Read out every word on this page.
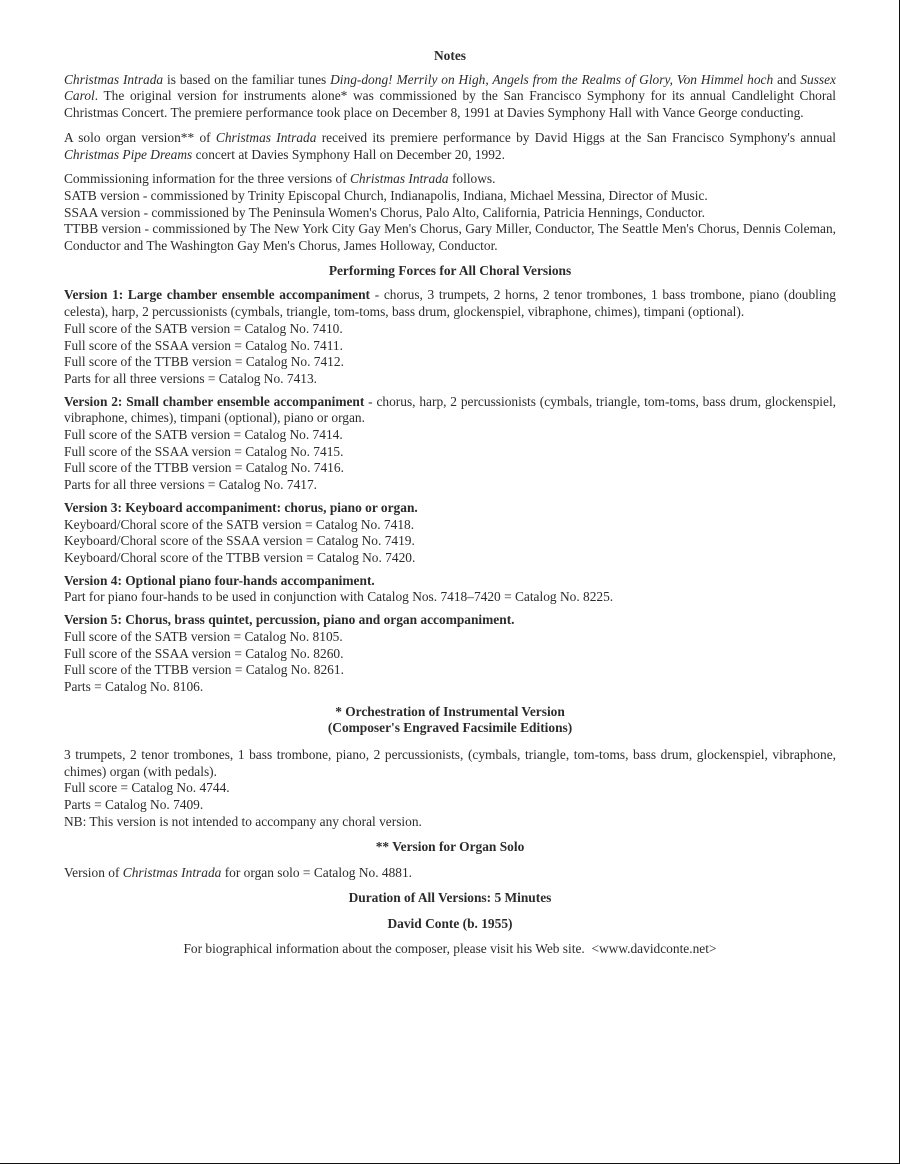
Notes

Christmas Intrada is based on the familiar tunes Ding-dong! Merrily on High, Angels from the Realms of Glory, Von Himmel hoch and Sussex Carol. The original version for instruments alone* was commissioned by the San Francisco Symphony for its annual Candlelight Choral Christmas Concert. The premiere performance took place on December 8, 1991 at Davies Symphony Hall with Vance George conducting.

A solo organ version** of Christmas Intrada received its premiere performance by David Higgs at the San Francisco Symphony's annual Christmas Pipe Dreams concert at Davies Symphony Hall on December 20, 1992.

Commissioning information for the three versions of Christmas Intrada follows.
SATB version - commissioned by Trinity Episcopal Church, Indianapolis, Indiana, Michael Messina, Director of Music.
SSAA version - commissioned by The Peninsula Women's Chorus, Palo Alto, California, Patricia Hennings, Conductor.
TTBB version - commissioned by The New York City Gay Men's Chorus, Gary Miller, Conductor, The Seattle Men's Chorus, Dennis Coleman, Conductor and The Washington Gay Men's Chorus, James Holloway, Conductor.

Performing Forces for All Choral Versions

Version 1: Large chamber ensemble accompaniment - chorus, 3 trumpets, 2 horns, 2 tenor trombones, 1 bass trombone, piano (doubling celesta), harp, 2 percussionists (cymbals, triangle, tom-toms, bass drum, glockenspiel, vibraphone, chimes), timpani (optional).
Full score of the SATB version = Catalog No. 7410.
Full score of the SSAA version = Catalog No. 7411.
Full score of the TTBB version = Catalog No. 7412.
Parts for all three versions = Catalog No. 7413.

Version 2: Small chamber ensemble accompaniment - chorus, harp, 2 percussionists (cymbals, triangle, tom-toms, bass drum, glockenspiel, vibraphone, chimes), timpani (optional), piano or organ.
Full score of the SATB version = Catalog No. 7414.
Full score of the SSAA version = Catalog No. 7415.
Full score of the TTBB version = Catalog No. 7416.
Parts for all three versions = Catalog No. 7417.

Version 3: Keyboard accompaniment: chorus, piano or organ.
Keyboard/Choral score of the SATB version = Catalog No. 7418.
Keyboard/Choral score of the SSAA version = Catalog No. 7419.
Keyboard/Choral score of the TTBB version = Catalog No. 7420.

Version 4: Optional piano four-hands accompaniment.
Part for piano four-hands to be used in conjunction with Catalog Nos. 7418–7420 = Catalog No. 8225.

Version 5: Chorus, brass quintet, percussion, piano and organ accompaniment.
Full score of the SATB version = Catalog No. 8105.
Full score of the SSAA version = Catalog No. 8260.
Full score of the TTBB version = Catalog No. 8261.
Parts = Catalog No. 8106.

* Orchestration of Instrumental Version
(Composer's Engraved Facsimile Editions)

3 trumpets, 2 tenor trombones, 1 bass trombone, piano, 2 percussionists, (cymbals, triangle, tom-toms, bass drum, glockenspiel, vibraphone, chimes) organ (with pedals).
Full score = Catalog No. 4744.
Parts = Catalog No. 7409.
NB: This version is not intended to accompany any choral version.

** Version for Organ Solo

Version of Christmas Intrada for organ solo = Catalog No. 4881.

Duration of All Versions: 5 Minutes
David Conte (b. 1955)
For biographical information about the composer, please visit his Web site.  <www.davidconte.net>
